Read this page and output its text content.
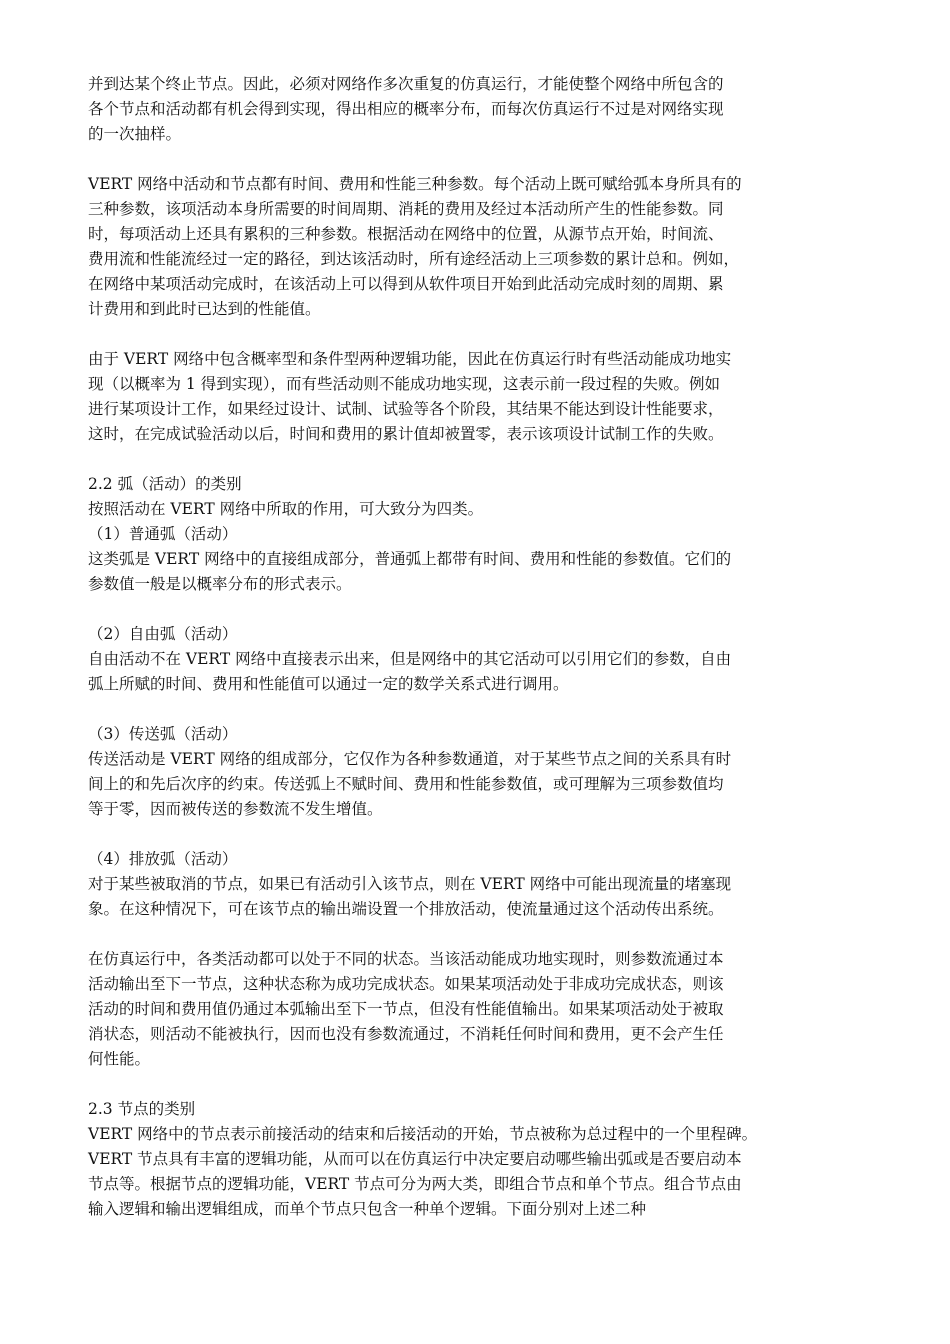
并到达某个终止节点。因此，必须对网络作多次重复的仿真运行，才能使整个网络中所包含的
各个节点和活动都有机会得到实现，得出相应的概率分布，而每次仿真运行不过是对网络实现
的一次抽样。
VERT 网络中活动和节点都有时间、费用和性能三种参数。每个活动上既可赋给弧本身所具有的
三种参数，该项活动本身所需要的时间周期、消耗的费用及经过本活动所产生的性能参数。同
时，每项活动上还具有累积的三种参数。根据活动在网络中的位置，从源节点开始，时间流、
费用流和性能流经过一定的路径，到达该活动时，所有途经活动上三项参数的累计总和。例如，
在网络中某项活动完成时，在该活动上可以得到从软件项目开始到此活动完成时刻的周期、累
计费用和到此时已达到的性能值。
由于 VERT 网络中包含概率型和条件型两种逻辑功能，因此在仿真运行时有些活动能成功地实
现（以概率为 1 得到实现），而有些活动则不能成功地实现，这表示前一段过程的失败。例如
进行某项设计工作，如果经过设计、试制、试验等各个阶段，其结果不能达到设计性能要求，
这时，在完成试验活动以后，时间和费用的累计值却被置零，表示该项设计试制工作的失败。
2.2 弧（活动）的类别
按照活动在 VERT 网络中所取的作用，可大致分为四类。
（1）普通弧（活动）
这类弧是 VERT 网络中的直接组成部分，普通弧上都带有时间、费用和性能的参数值。它们的
参数值一般是以概率分布的形式表示。
（2）自由弧（活动）
自由活动不在 VERT 网络中直接表示出来，但是网络中的其它活动可以引用它们的参数，自由
弧上所赋的时间、费用和性能值可以通过一定的数学关系式进行调用。
（3）传送弧（活动）
传送活动是 VERT 网络的组成部分，它仅作为各种参数通道，对于某些节点之间的关系具有时
间上的和先后次序的约束。传送弧上不赋时间、费用和性能参数值，或可理解为三项参数值均
等于零，因而被传送的参数流不发生增值。
（4）排放弧（活动）
对于某些被取消的节点，如果已有活动引入该节点，则在 VERT 网络中可能出现流量的堵塞现
象。在这种情况下，可在该节点的输出端设置一个排放活动，使流量通过这个活动传出系统。
在仿真运行中，各类活动都可以处于不同的状态。当该活动能成功地实现时，则参数流通过本
活动输出至下一节点，这种状态称为成功完成状态。如果某项活动处于非成功完成状态，则该
活动的时间和费用值仍通过本弧输出至下一节点，但没有性能值输出。如果某项活动处于被取
消状态，则活动不能被执行，因而也没有参数流通过，不消耗任何时间和费用，更不会产生任
何性能。
2.3 节点的类别
VERT 网络中的节点表示前接活动的结束和后接活动的开始，节点被称为总过程中的一个里程碑。
VERT 节点具有丰富的逻辑功能，从而可以在仿真运行中决定要启动哪些输出弧或是否要启动本
节点等。根据节点的逻辑功能，VERT 节点可分为两大类，即组合节点和单个节点。组合节点由
输入逻辑和输出逻辑组成，而单个节点只包含一种单个逻辑。下面分别对上述二种
